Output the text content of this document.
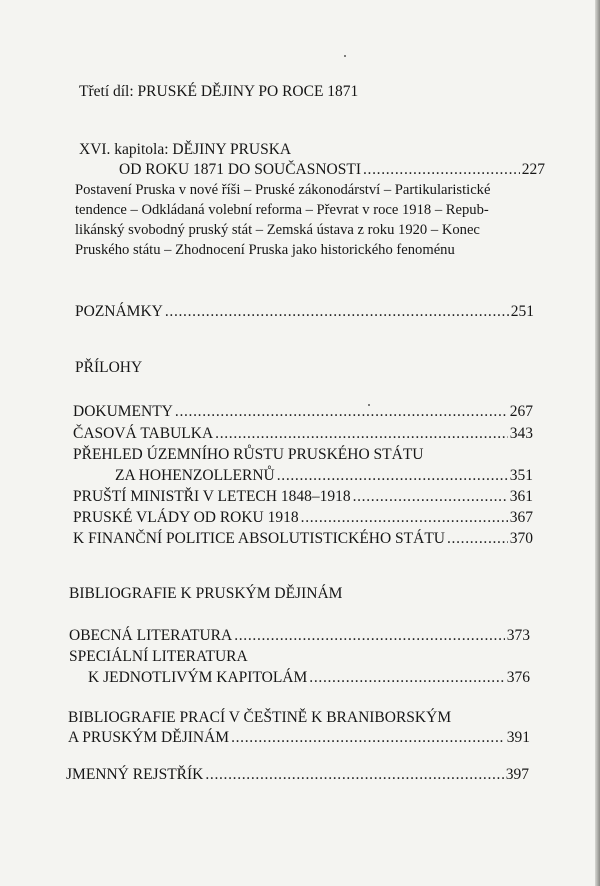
Třetí díl: PRUSKÉ DĚJINY PO ROCE 1871
XVI. kapitola: DĚJINY PRUSKA
OD ROKU 1871 DO SOUČASNOSTI . . .	227
Postavení Pruska v nové říši – Pruské zákonodárství – Partikularistické
tendence – Odkládaná volební reforma – Převrat v roce 1918 – Repub-
likánský svobodný pruský stát – Zemská ústava z roku 1920 – Konec
Pruského státu – Zhodnocení Pruska jako historického fenoménu
POZNÁMKY . . .	251
PŘÍLOHY
DOKUMENTY . . .	267
ČASOVÁ TABULKA . . .	343
PŘEHLED ÚZEMNÍHO RŮSTU PRUSKÉHO STÁTU
ZA HOHENZOLLERNŮ . . .	351
PRUŠTÍ MINISTŘI V LETECH 1848–1918 . . .	361
PRUSKÉ VLÁDY OD ROKU 1918 . . .	367
K FINANČNÍ POLITICE ABSOLUTISTICKÉHO STÁTU . . .	370
BIBLIOGRAFIE K PRUSKÝM DĚJINÁM
OBECNÁ LITERATURA . . .	373
SPECIÁLNÍ LITERATURA
K JEDNOTLIVÝM KAPITOLÁM . . .	376
BIBLIOGRAFIE PRACÍ V ČEŠTINĚ K BRANIBORSKÝM
A PRUSKÝM DĚJINÁM . . .	391
JMENNÝ REJSTŘÍK . . .	397
